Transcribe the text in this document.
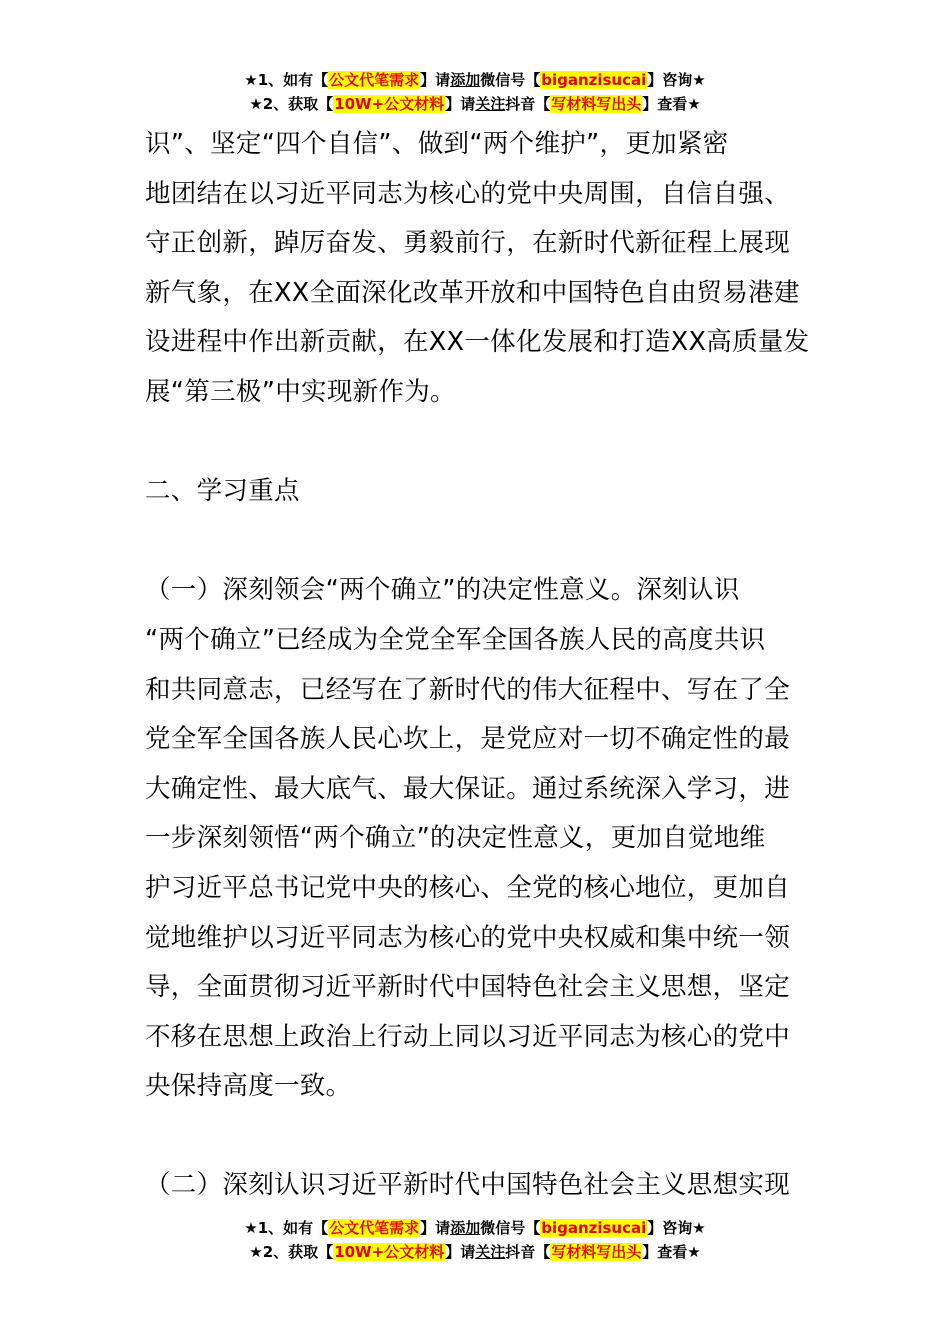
★1、如有【公文代笔需求】请添加微信号【biganzisucai】咨询★
★2、获取【10W+公文材料】请关注抖音【写材料写出头】查看★
识”、坚定“四个自信”、做到“两个维护”，更加紧密
地团结在以习近平同志为核心的党中央周围，自信自强、
守正创新，踔厉奋发、勇毅前行，在新时代新征程上展现
新气象，在XX全面深化改革开放和中国特色自由贸易港建
设进程中作出新贡献，在XX一体化发展和打造XX高质量发
展“第三极”中实现新作为。
二、学习重点
（一）深刻领会“两个确立”的决定性意义。深刻认识
“两个确立”已经成为全党全军全国各族人民的高度共识
和共同意志，已经写在了新时代的伟大征程中、写在了全
党全军全国各族人民心坎上，是党应对一切不确定性的最
大确定性、最大底气、最大保证。通过系统深入学习，进
一步深刻领悟“两个确立”的决定性意义，更加自觉地维
护习近平总书记党中央的核心、全党的核心地位，更加自
觉地维护以习近平同志为核心的党中央权威和集中统一领
导，全面贯彻习近平新时代中国特色社会主义思想，坚定
不移在思想上政治上行动上同以习近平同志为核心的党中
央保持高度一致。
（二）深刻认识习近平新时代中国特色社会主义思想实现
★1、如有【公文代笔需求】请添加微信号【biganzisucai】咨询★
★2、获取【10W+公文材料】请关注抖音【写材料写出头】查看★
